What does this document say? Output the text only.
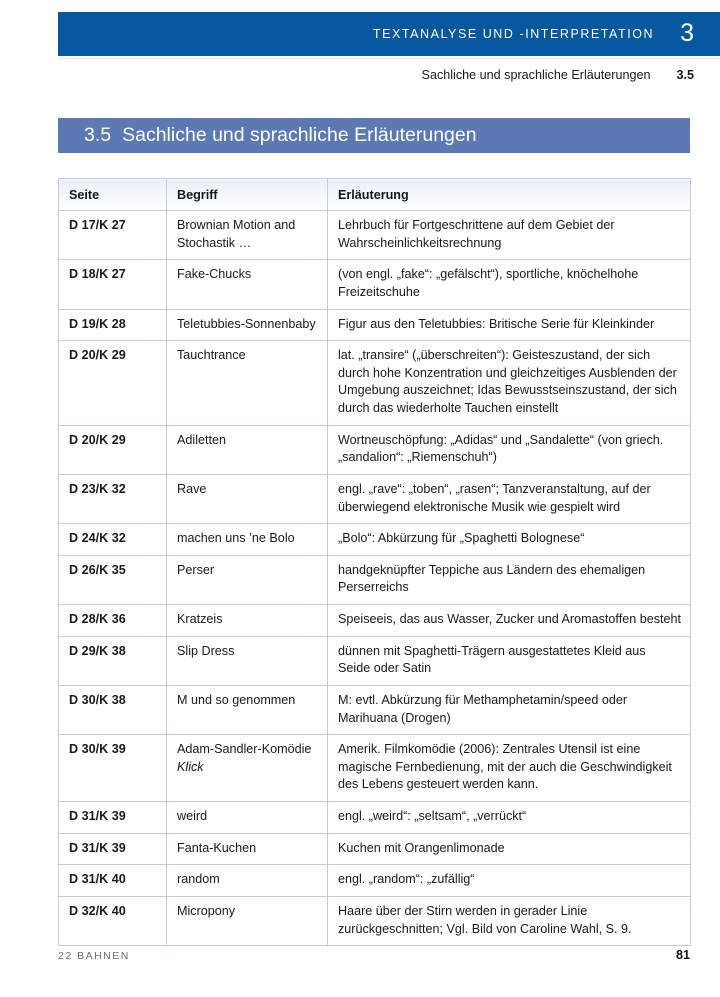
TEXTANALYSE UND -INTERPRETATION 3
Sachliche und sprachliche Erläuterungen 3.5
3.5 Sachliche und sprachliche Erläuterungen
Seite	Begriff	Erläuterung
D 17/K 27	Brownian Motion and Stochastik …	Lehrbuch für Fortgeschrittene auf dem Gebiet der Wahrscheinlichkeitsrechnung
D 18/K 27	Fake-Chucks	(von engl. „fake“: „gefälscht“), sportliche, knöchelhohe Freizeitschuhe
D 19/K 28	Teletubbies-Sonnenbaby	Figur aus den Teletubbies: Britische Serie für Kleinkinder
D 20/K 29	Tauchtrance	lat. „transire“ („überschreiten“): Geisteszustand, der sich durch hohe Konzentration und gleichzeitiges Ausblenden der Umgebung auszeichnet; Idas Bewusstseinszustand, der sich durch das wiederholte Tauchen einstellt
D 20/K 29	Adiletten	Wortneuschöpfung: „Adidas“ und „Sandalette“ (von griech. „sandalion“: „Riemenschuh“)
D 23/K 32	Rave	engl. „rave“: „toben“, „rasen“; Tanzveranstaltung, auf der überwiegend elektronische Musik wie gespielt wird
D 24/K 32	machen uns ’ne Bolo	„Bolo“: Abkürzung für „Spaghetti Bolognese“
D 26/K 35	Perser	handgeknüpfter Teppiche aus Ländern des ehemaligen Perserreichs
D 28/K 36	Kratzeis	Speiseeis, das aus Wasser, Zucker und Aromastoffen besteht
D 29/K 38	Slip Dress	dünnen mit Spaghetti-Trägern ausgestattetes Kleid aus Seide oder Satin
D 30/K 38	M und so genommen	M: evtl. Abkürzung für Methamphetamin/speed oder Marihuana (Drogen)
D 30/K 39	Adam-Sandler-Komödie Klick	Amerik. Filmkomödie (2006): Zentrales Utensil ist eine magische Fernbedienung, mit der auch die Geschwindigkeit des Lebens gesteuert werden kann.
D 31/K 39	weird	engl. „weird“: „seltsam“, „verrückt“
D 31/K 39	Fanta-Kuchen	Kuchen mit Orangenlimonade
D 31/K 40	random	engl. „random“: „zufällig“
D 32/K 40	Micropony	Haare über der Stirn werden in gerader Linie zurückgeschnitten; Vgl. Bild von Caroline Wahl, S. 9.
22 BAHNEN	81
